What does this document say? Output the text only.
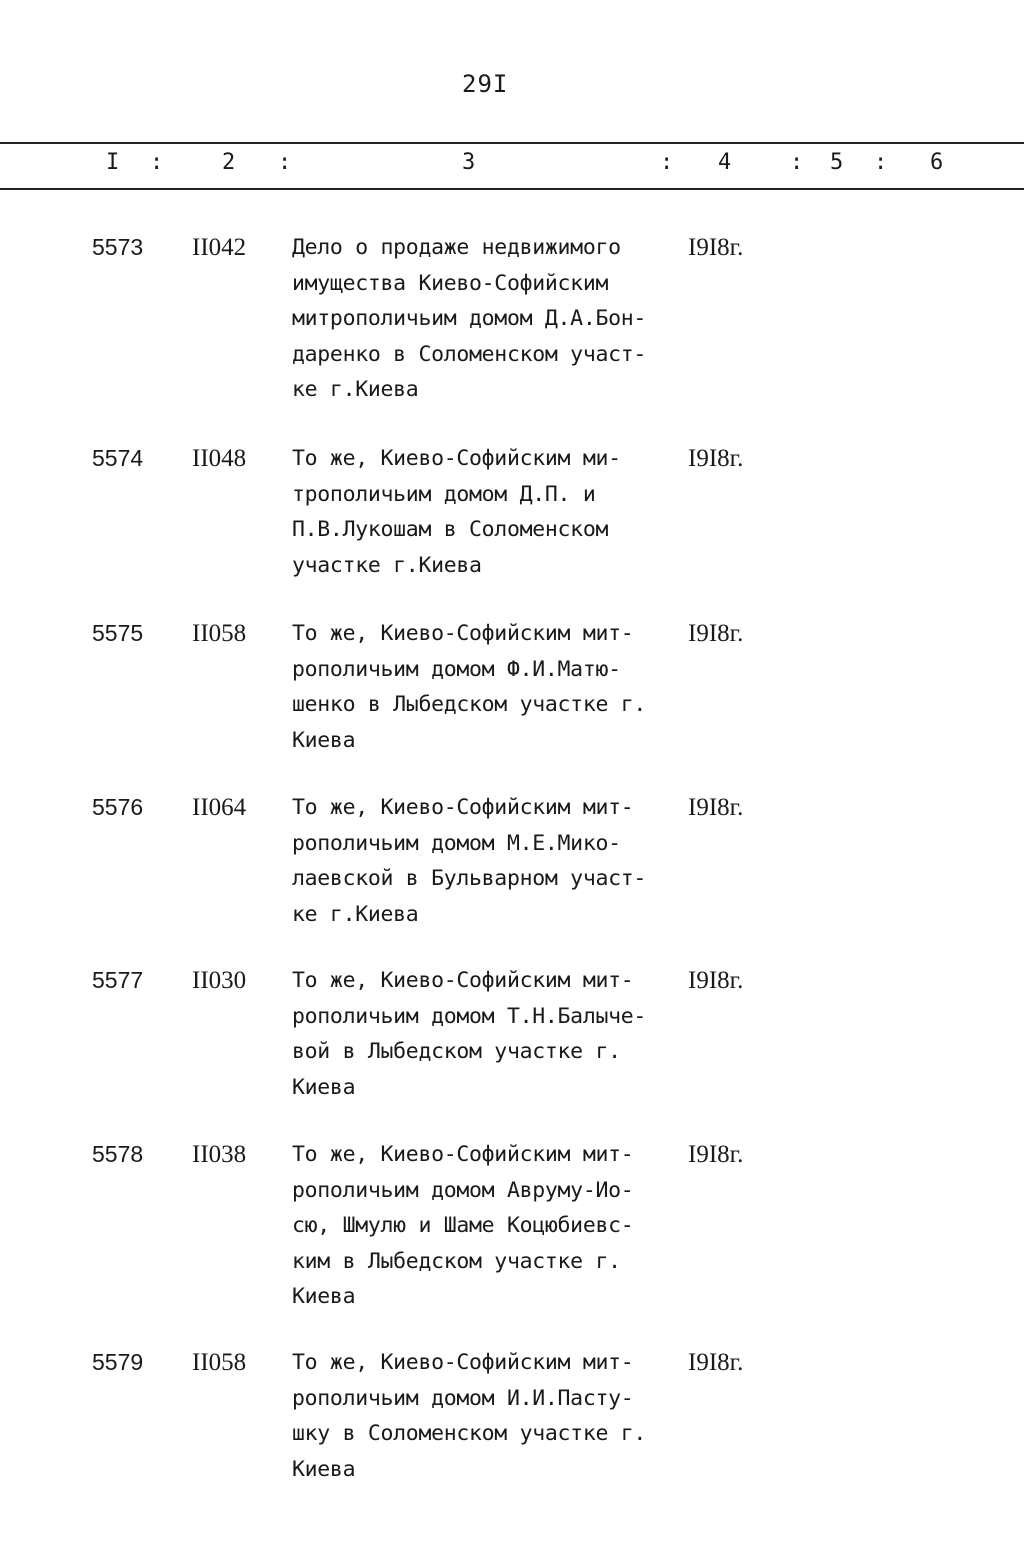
29I
I :	2 :	3	: 4	: 5 : 6
5573 II042 Дело о продаже недвижимого
имущества Киево-Софийским
митрополичьим домом Д.А.Бон-
даренко в Соломенском участ-
ке г.Киева
I9I8г.
5574 II048 То же, Киево-Софийским ми-
трополичьим домом Д.П. и
П.В.Лукошам в Соломенском
участке г.Киева
I9I8г.
5575 II058 То же, Киево-Софийским мит-
рополичьим домом Ф.И.Матю-
шенко в Лыбедском участке г.
Киева
I9I8г.
5576 II064 То же, Киево-Софийским мит-
рополичьим домом М.Е.Мико-
лаевской в Бульварном участ-
ке г.Киева
I9I8г.
5577 II030 То же, Киево-Софийским мит-
рополичьим домом Т.Н.Балыче-
вой в Лыбедском участке г.
Киева
I9I8г.
5578 II038 То же, Киево-Софийским мит-
рополичьим домом Авруму-Ио-
сю, Шмулю и Шаме Коцюбиевс-
ким в Лыбедском участке г.
Киева
I9I8г.
5579 II058 То же, Киево-Софийским мит-
рополичьим домом И.И.Пасту-
шку в Соломенском участке г.
Киева
I9I8г.
